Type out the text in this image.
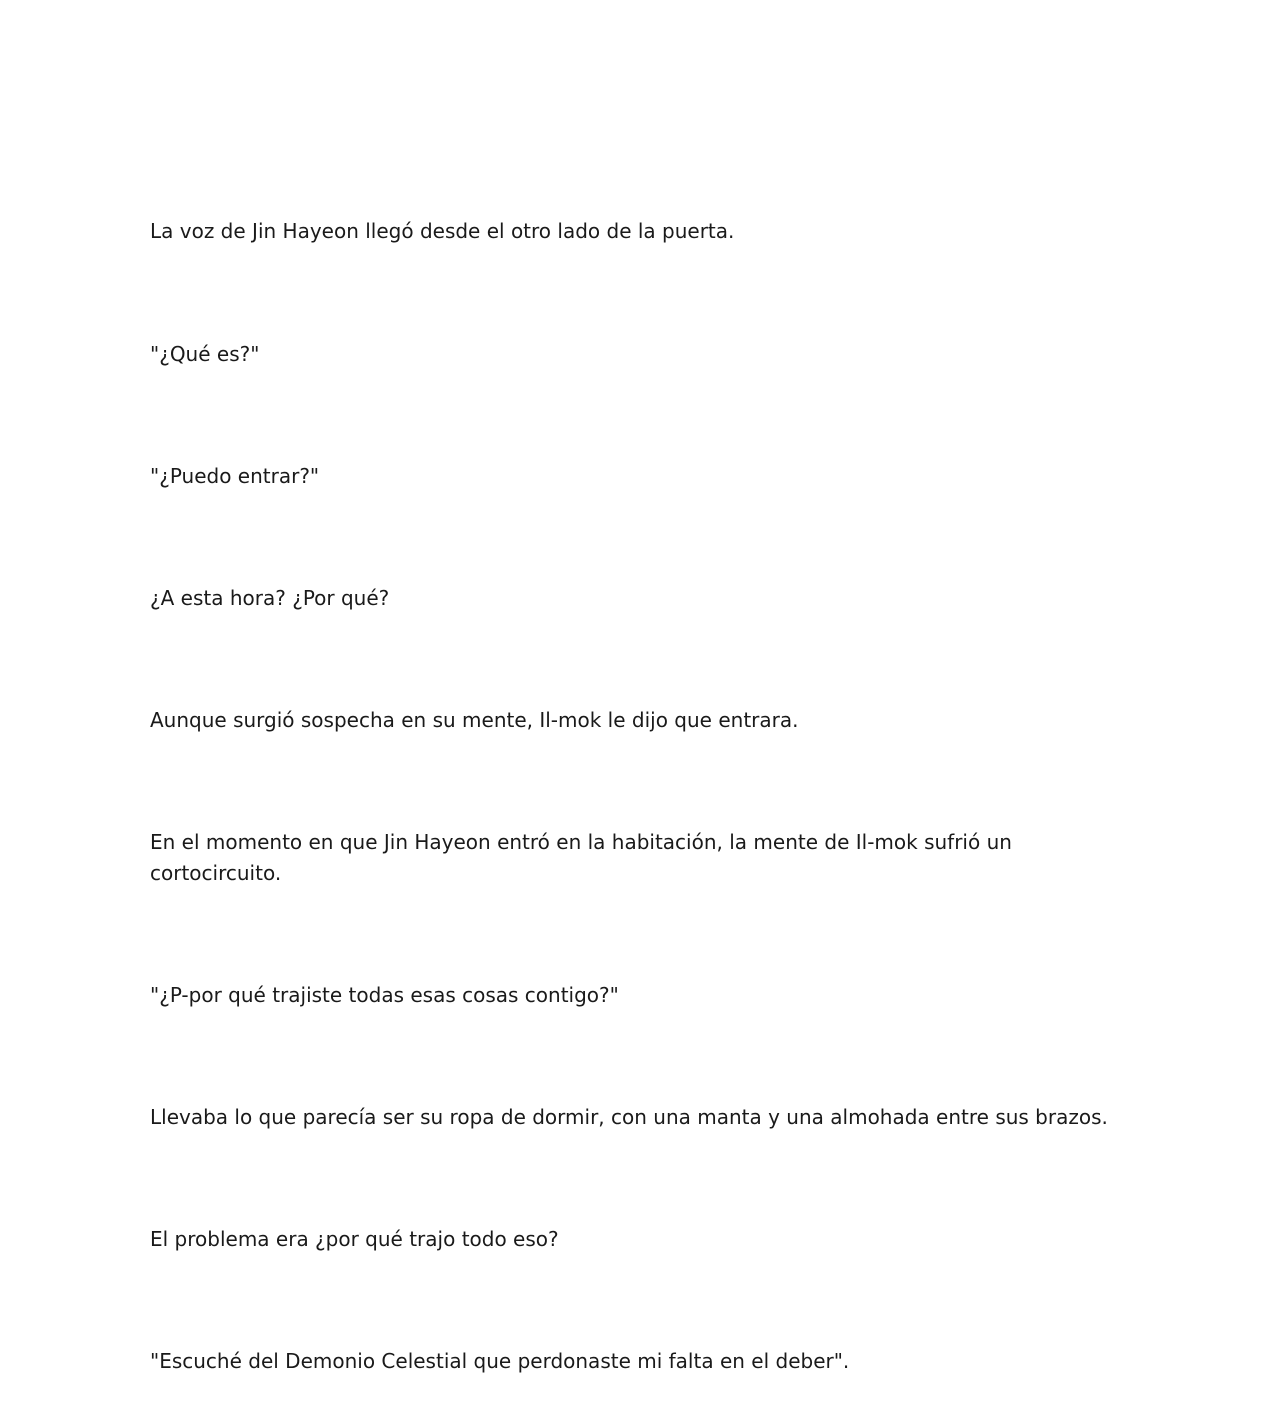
La voz de Jin Hayeon llegó desde el otro lado de la puerta.

"¿Qué es?"

"¿Puedo entrar?"

¿A esta hora? ¿Por qué?

Aunque surgió sospecha en su mente, Il-mok le dijo que entrara.

En el momento en que Jin Hayeon entró en la habitación, la mente de Il-mok sufrió un cortocircuito.

"¿P-por qué trajiste todas esas cosas contigo?"

Llevaba lo que parecía ser su ropa de dormir, con una manta y una almohada entre sus brazos.

El problema era ¿por qué trajo todo eso?

"Escuché del Demonio Celestial que perdonaste mi falta en el deber".
